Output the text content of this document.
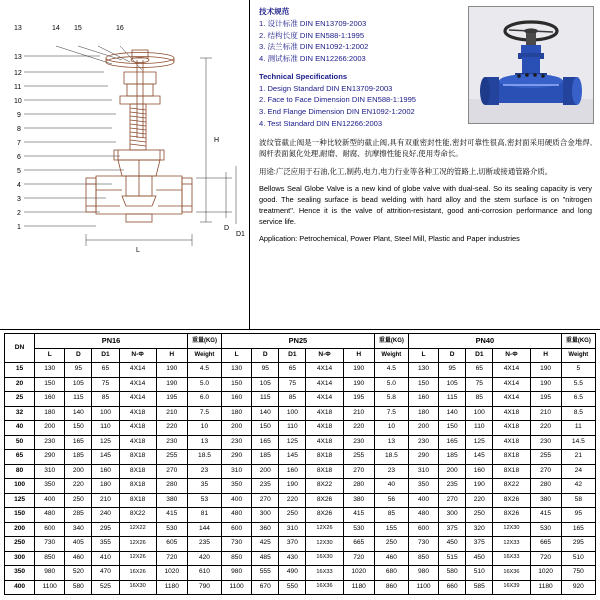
13	14 15	16
13
12
11
10
9
8
7
6
5
4
3
2
1
L
H
D
D1
技术规范
1. 设计标准 DIN EN13709-2003
2. 结构长度 DIN EN588-1:1995
3. 法兰标准 DIN EN1092-1:2002
4. 测试标准 DIN EN12266:2003
Technical Specifications
1. Design Standard DIN EN13709-2003
2. Face to Face Dimension DIN EN588-1:1995
3. End Flange Dimension DIN EN1092-1:2002
4. Test Standard DIN EN12266:2003
波纹管截止阀是一种比较新型的截止阀,具有双重密封性能,密封可靠性很高,密封面采用硬质合金堆焊,阀杆表面氮化处理,耐磨、耐腐、抗摩擦性能良好,使用寿命长。
用途:广泛应用于石油,化工,制药,电力,电力行业等各种工况的管路上,切断或接通管路介质。
Bellows Seal Globe Valve is a new kind of globe valve with dual-seal. So its sealing capacity is very good. The sealing surface is bead welding with hard alloy and the stem surface is on "nitrogen treatment". Hence it is the valve of attrition-resistant, good anti-corrosion performance and long service life.
Application: Petrochemical, Power Plant, Steel Mill, Plastic and Paper industries
DN	PN16					重量(KG)	PN25					重量(KG)	PN40					重量(KG)
	L	D	D1	N-Φ	H	Weight	L	D	D1	N-Φ	H	Weight	L	D	D1	N-Φ	H	Weight
15	130	95	65	4X14	190	4.5	130	95	65	4X14	190	4.5	130	95	65	4X14	190	5
20	150	105	75	4X14	190	5.0	150	105	75	4X14	190	5.0	150	105	75	4X14	190	5.5
25	160	115	85	4X14	195	6.0	160	115	85	4X14	195	5.8	160	115	85	4X14	195	6.5
32	180	140	100	4X18	210	7.5	180	140	100	4X18	210	7.5	180	140	100	4X18	210	8.5
40	200	150	110	4X18	220	10	200	150	110	4X18	220	10	200	150	110	4X18	220	11
50	230	165	125	4X18	230	13	230	165	125	4X18	230	13	230	165	125	4X18	230	14.5
65	290	185	145	8X18	255	18.5	290	185	145	8X18	255	18.5	290	185	145	8X18	255	21
80	310	200	160	8X18	270	23	310	200	160	8X18	270	23	310	200	160	8X18	270	24
100	350	220	180	8X18	280	35	350	235	190	8X22	280	40	350	235	190	8X22	280	42
125	400	250	210	8X18	380	53	400	270	220	8X26	380	56	400	270	220	8X26	380	58
150	480	285	240	8X22	415	81	480	300	250	8X26	415	85	480	300	250	8X26	415	95
200	600	340	295	12X22	530	144	600	360	310	12X26	530	155	600	375	320	12X30	530	165
250	730	405	355	12X26	605	235	730	425	370	12X30	665	250	730	450	375	12X33	665	295
300	850	460	410	12X26	720	420	850	485	430	16X30	720	460	850	515	450	16X33	720	510
350	980	520	470	16X26	1020	610	980	555	490	16X33	1020	680	980	580	510	16X36	1020	750
400	1100	580	525	16X30	1180	790	1100	670	550	16X36	1180	860	1100	660	585	16X39	1180	920
